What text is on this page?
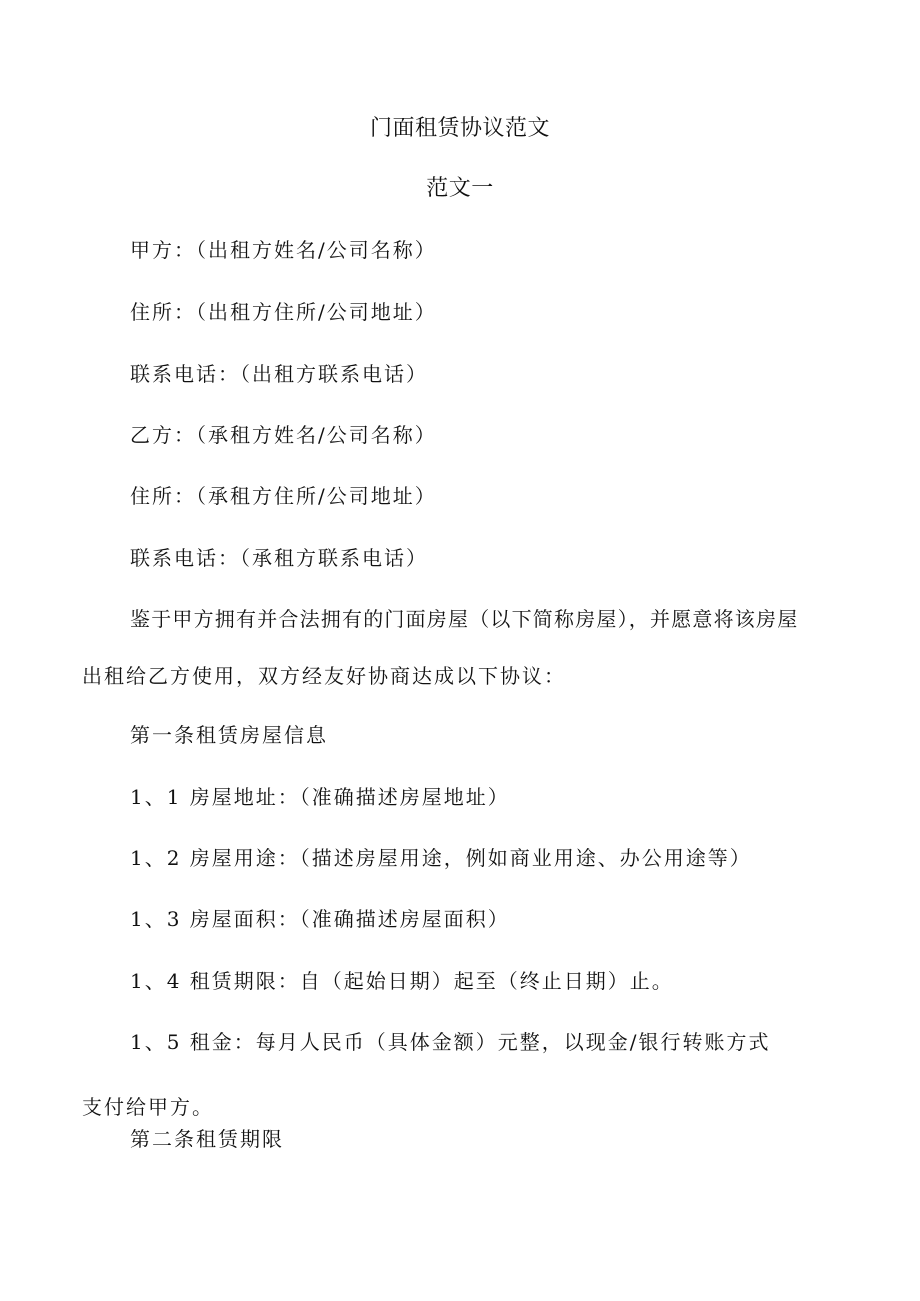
门面租赁协议范文
范文一
甲方：（出租方姓名/公司名称）
住所：（出租方住所/公司地址）
联系电话：（出租方联系电话）
乙方：（承租方姓名/公司名称）
住所：（承租方住所/公司地址）
联系电话：（承租方联系电话）
鉴于甲方拥有并合法拥有的门面房屋（以下简称房屋），并愿意将该房屋
出租给乙方使用，双方经友好协商达成以下协议：
第一条租赁房屋信息
1、1 房屋地址：（准确描述房屋地址）
1、2 房屋用途：（描述房屋用途，例如商业用途、办公用途等）
1、3 房屋面积：（准确描述房屋面积）
1、4 租赁期限：自（起始日期）起至（终止日期）止。
1、5 租金：每月人民币（具体金额）元整，以现金/银行转账方式
支付给甲方。
第二条租赁期限
